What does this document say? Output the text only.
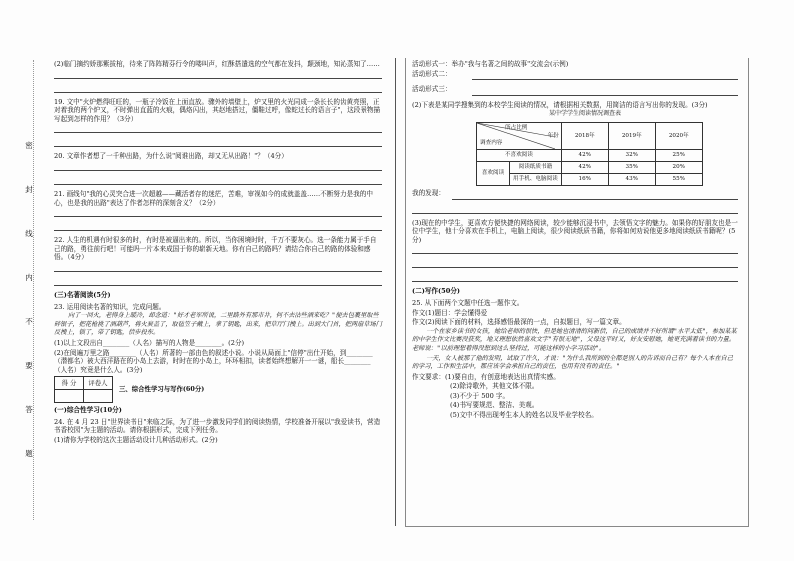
密
封
线
内
不
要
答
题

(2)临门摘约娇那紫拔棺，待来了阵阵精芬行令的喽叫声，红酥搭遣选的空气都在发抖，颠颈地，知沁蒸知了……

19. 文中"火炉燃得旺旺的，一瓶子冷饭在上面直放。骤外的墙壁上，炉又里的火光同成一条长长的齿黄亮照，正对着我的两个炉又，不时弹出直蓝的火痕，偶烙闪出，其赵地搭过，僵鞋过呼，像蛇过长的语言子"，这段景物描写起到怎样的作用？（3分）

20. 文章作者想了一千种出路，为什么说"阅谁出路，却又无从出路！"？（4分）

21. 画线句"我的心灵突合进一次超越——藏活者存的迷茫，苦难，审视如今的成就盖盖……不断努力是我的中心，也是我的出路"表达了作者怎样的深刻含义？（2分）

22. 人生的机遇有时很多的时，有时是被逼出来的。所以，当你困境时时，千万不要灰心。选一条能力属于手自己的路，勇往前行吧！可能吗一片本来成国于你的崭新天地。你有自己的路吗？请结合你自己的路的体验和感悟。（4分）

(三)名著阅读(5分)

23. 运用阅读名著的知识，完成问题。

向了一回火，老得身上暖冷，却念道："好才老军所说，二里路外有那市井，何不去沽些酒来吃？"便去包裹里取些碎银子，把花枪挑了酒葫芦，将火炭盖了，取毡笠子戴上，拿了钥匙，出来，把草厅门拽上。出到大门首，把两扇草场门反拽上，锁了，带了钥匙，信步投东。

(1)以上文段出自________（人名）描写的人物是________。(2分)

(2)在阅遍万里之路________（人名）所著的一部由色的叙述小说。小说从局面上"信停"出仕开始，到________（潜都名）被大西洋路在的小岛上去游，时时在的小岛上，环环相扣，读者始终想解开一一谜，船长________（人名）究竟是什么人。(3分)

得 分	评卷人	三、综合性学习与写作(60分)

(一)综合性学习(10分)

24. 在 4 月 23 日"世界读书日"来临之际，为了进一步激发同学们的阅读热情，学校准备开展以"我爱读书，营造书香校园"为主题的活动。请你根据形式，完成下列任务。

(1)请你为学校的这次主题活动设计几种活动形式。(2分)

活动形式一：举办"我与名著之间的故事"交流会(示例)

活动形式二：

活动形式三：

(2)下表是某同学搜集到的本校学生阅读的情况，请根据相关数据，用简洁的语言写出你的发现。(3分)

某中学学生阅读情况调查表

所占比例
年份
调查内容		2018年	2019年	2020年
不喜欢阅读		42%	32%	25%
喜欢阅读	阅读纸质书籍	42%	35%	20%
	用手机、电脑阅读	16%	43%	55%

我的发现：

(3)现在的中学生，更喜欢方便快捷的网络阅读，较少能够沉浸书中，去领悟文字的魅力。如果你的好朋友也是一位中学生，他十分喜欢在手机上，电脑上阅读，很少阅读纸质书籍，你将如何劝说他更多地阅读纸质书籍呢？(5分)

(二)写作(50分)

25. 从下面两个文题中任选一题作文。

作文(1)题目：学会懂得爱

作文(2)阅读下面的材料，选择感悟最深的一点，自拟题目，写一篇文章。

一个在家乡读书的女孩，她给老师的很快，但是她也清清的问新信，自己的成绩并不好所谓"水平太低"，参加某某的中学生作文比赛没获奖，地又理想依然喜欢文字"有很无地"，父母这平时又，好友安慰她，她更充满着读书的力量。老师说："以前理想着得没想到这么坚持过，可能这样的小学习活动"。

一天，女人被那了他的发明，试取了许久，才说："为什么我所到的全都是别人的告诉而自己有？每个人本在自己的学习，工作和生活中，都应该学会承担自己的责任，也用有没有的责任。"

作文要求：(1)要自由，有创意地表达出真情实感。

(2)除诗歌外，其他文体不限。

(3)不少于 500 字。

(4)书写要规范、整洁、美观。

(5)文中不得出现考生本人的姓名以及毕业学校名。
